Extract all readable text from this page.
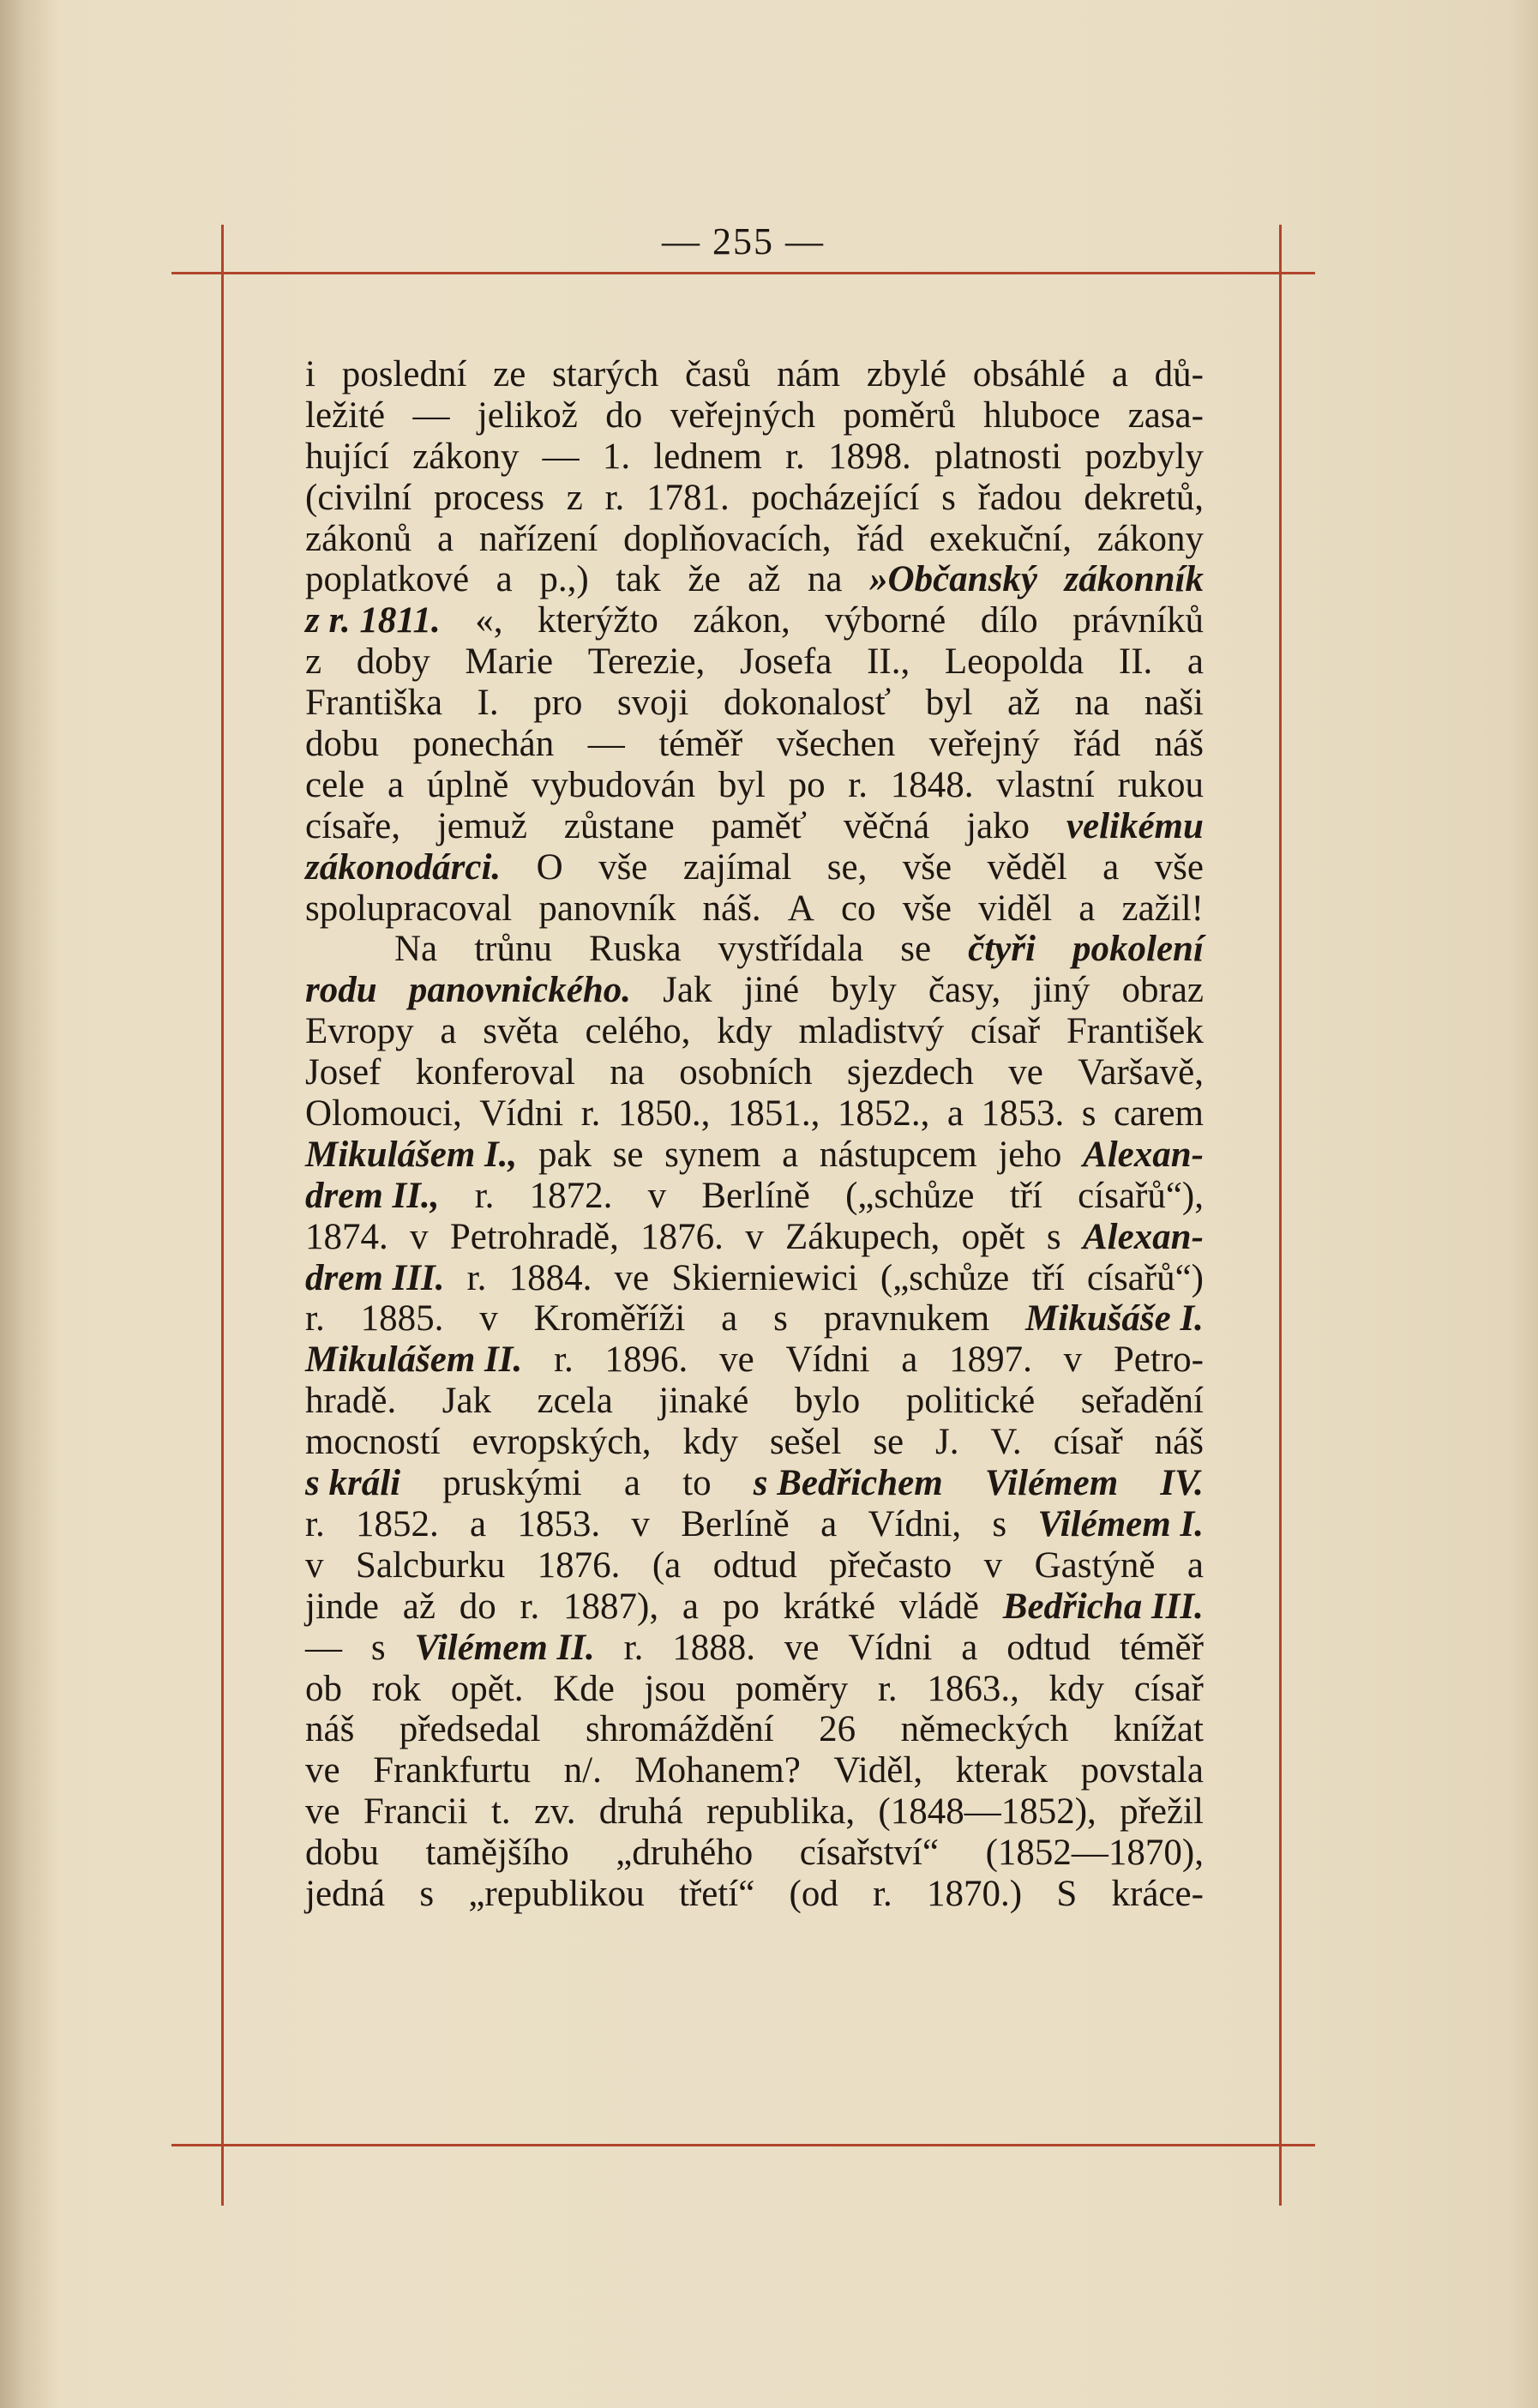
— 255 —
i poslední ze starých časů nám zbylé obsáhlé a dů-
ležité — jelikož do veřejných poměrů hluboce zasa-
hující zákony — 1. lednem r. 1898. platnosti pozbyly
(civilní process z r. 1781. pocházející s řadou dekretů,
zákonů a nařízení doplňovacích, řád exekuční, zákony
poplatkové a p.,) tak že až na »Občanský zákonník
z r. 1811. «, kterýžto zákon, výborné dílo právníků
z doby Marie Terezie, Josefa II., Leopolda II. a
Františka I. pro svoji dokonalosť byl až na naši
dobu ponechán — téměř všechen veřejný řád náš
cele a úplně vybudován byl po r. 1848. vlastní rukou
císaře, jemuž zůstane paměť věčná jako velikému
zákonodárci. O vše zajímal se, vše věděl a vše
spolupracoval panovník náš. A co vše viděl a zažil!
Na trůnu Ruska vystřídala se čtyři pokolení
rodu panovnického. Jak jiné byly časy, jiný obraz
Evropy a světa celého, kdy mladistvý císař František
Josef konferoval na osobních sjezdech ve Varšavě,
Olomouci, Vídni r. 1850., 1851., 1852., a 1853. s carem
Mikulášem I., pak se synem a nástupcem jeho Alexan-
drem II., r. 1872. v Berlíně („schůze tří císařů“),
1874. v Petrohradě, 1876. v Zákupech, opět s Alexan-
drem III. r. 1884. ve Skierniewici („schůze tří císařů“)
r. 1885. v Kroměříži a s pravnukem Mikušáše I.
Mikulášem II. r. 1896. ve Vídni a 1897. v Petro-
hradě. Jak zcela jinaké bylo politické seřadění
mocností evropských, kdy sešel se J. V. císař náš
s králi pruskými a to s Bedřichem Vilémem IV.
r. 1852. a 1853. v Berlíně a Vídni, s Vilémem I.
v Salcburku 1876. (a odtud přečasto v Gastýně a
jinde až do r. 1887), a po krátké vládě Bedřicha III.
— s Vilémem II. r. 1888. ve Vídni a odtud téměř
ob rok opět. Kde jsou poměry r. 1863., kdy císař
náš předsedal shromáždění 26 německých knížat
ve Frankfurtu n/. Mohanem? Viděl, kterak povstala
ve Francii t. zv. druhá republika, (1848—1852), přežil
dobu tamějšího „druhého císařství“ (1852—1870),
jedná s „republikou třetí“ (od r. 1870.) S kráce-
